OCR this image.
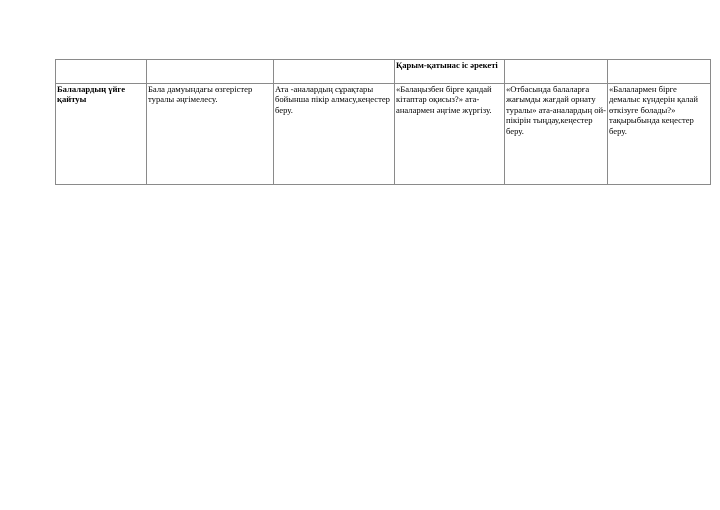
			Қарым-қатынас іс әрекеті		
Балалардың үйге қайтуы	Бала дамуындағы өзгерістер туралы әңгімелесу.	Ата -аналардың сұрақтары бойынша пікір алмасу,кеңестер беру.	«Балаңызбен бірге қандай кітаптар оқисыз?» ата- аналармен әңгіме жүргізу.	«Отбасында балаларға жағымды жағдай орнату туралы» ата-аналардың ой-пікірін тыңдау,кеңестер беру.	«Балалармен бірге демалыс күндерін қалай өткізуге болады?» тақырыбында кеңестер беру.
